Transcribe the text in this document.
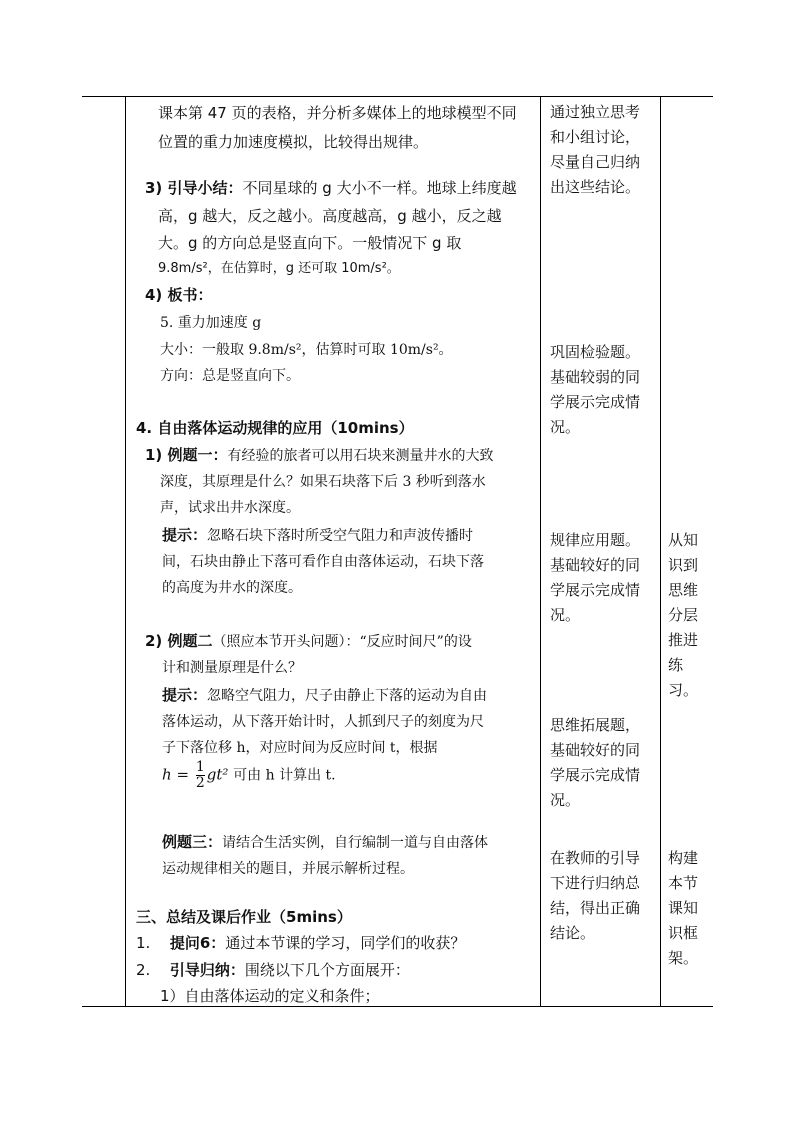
课本第 47 页的表格，并分析多媒体上的地球模型不同
位置的重力加速度模拟，比较得出规律。
3) 引导小结：不同星球的 g 大小不一样。地球上纬度越
高，g 越大，反之越小。高度越高，g 越小，反之越
大。g 的方向总是竖直向下。一般情况下 g 取
9.8m/s²，在估算时，g 还可取 10m/s²。
4) 板书：
5. 重力加速度 g
大小：一般取 9.8m/s²，估算时可取 10m/s²。
方向：总是竖直向下。
4. 自由落体运动规律的应用（10mins）
1) 例题一：有经验的旅者可以用石块来测量井水的大致
深度，其原理是什么？如果石块落下后 3 秒听到落水
声，试求出井水深度。
提示：忽略石块下落时所受空气阻力和声波传播时
间，石块由静止下落可看作自由落体运动，石块下落
的高度为井水的深度。
2) 例题二（照应本节开头问题）：“反应时间尺”的设
计和测量原理是什么？
提示：忽略空气阻力，尺子由静止下落的运动为自由
落体运动，从下落开始计时，人抓到尺子的刻度为尺
子下落位移 h，对应时间为反应时间 t，根据
$h = \frac{1}{2} gt^2$ 可由 h 计算出 t.
例题三：请结合生活实例，自行编制一道与自由落体
运动规律相关的题目，并展示解析过程。
三、总结及课后作业（5mins）
1. 提问6：通过本节课的学习，同学们的收获？
2. 引导归纳：围绕以下几个方面展开：
1）自由落体运动的定义和条件；
通过独立思考
和小组讨论，
尽量自己归纳
出这些结论。
巩固检验题。
基础较弱的同
学展示完成情
况。
规律应用题。
基础较好的同
学展示完成情
况。
思维拓展题，
基础较好的同
学展示完成情
况。
在教师的引导
下进行归纳总
结，得出正确
结论。
从知
识到
思维
分层
推进
练
习。
构建
本节
课知
识框
架。
